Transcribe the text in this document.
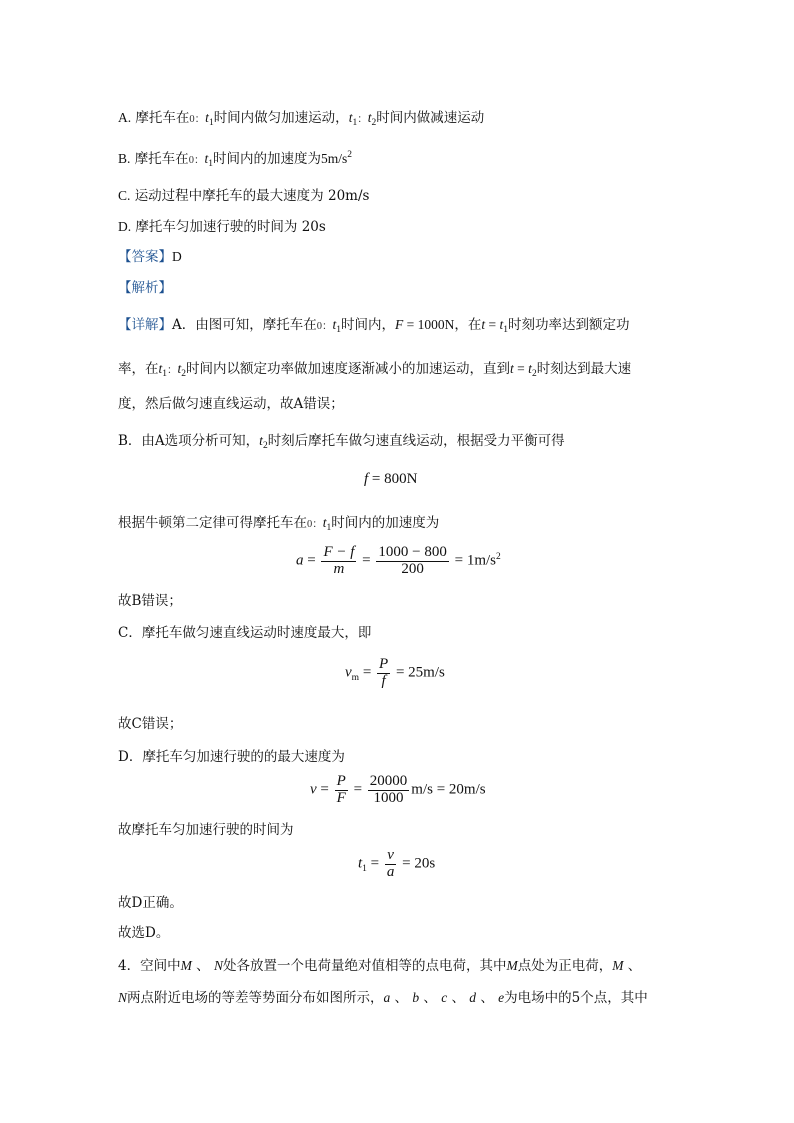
A. 摩托车在0：$t_1$时间内做匀加速运动，$t_1$：$t_2$时间内做减速运动
B. 摩托车在0：$t_1$时间内的加速度为$5m/s^2$
C. 运动过程中摩托车的最大速度为 20m/s
D. 摩托车匀加速行驶的时间为 20s
【答案】D
【解析】
【详解】A．由图可知，摩托车在0：$t_1$时间内，F = 1000N，在$t = t_1$时刻功率达到额定功
率，在$t_1$：$t_2$时间内以额定功率做加速度逐渐减小的加速运动，直到$t = t_2$时刻达到最大速
度，然后做匀速直线运动，故A错误；
B．由A选项分析可知，$t_2$时刻后摩托车做匀速直线运动，根据受力平衡可得
f = 800N
根据牛顿第二定律可得摩托车在0：$t_1$时间内的加速度为
$a = \frac{F - f}{m} = \frac{1000 - 800}{200} = 1m/s^2$
故B错误；
C．摩托车做匀速直线运动时速度最大，即
$v_m = \frac{P}{f} = 25m/s$
故C错误；
D．摩托车匀加速行驶的的最大速度为
$v = \frac{P}{F} = \frac{20000}{1000} m/s = 20m/s$
故摩托车匀加速行驶的时间为
$t_1 = \frac{v}{a} = 20s$
故D正确。
故选D。
4．空间中M 、 N处各放置一个电荷量绝对值相等的点电荷，其中M点处为正电荷，M 、
N两点附近电场的等差等势面分布如图所示，a 、 b 、 c 、 d 、 e为电场中的5个点，其中
